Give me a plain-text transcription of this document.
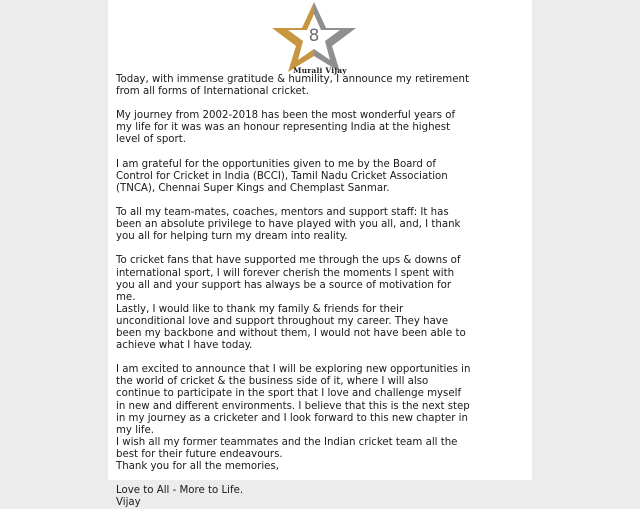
8
Murali Vijay
Today, with immense gratitude & humility, I announce my retirement
from all forms of International cricket.
My journey from 2002-2018 has been the most wonderful years of
my life for it was was an honour representing India at the highest
level of sport.
I am grateful for the opportunities given to me by the Board of
Control for Cricket in India (BCCI), Tamil Nadu Cricket Association
(TNCA), Chennai Super Kings and Chemplast Sanmar.
To all my team-mates, coaches, mentors and support staff: It has
been an absolute privilege to have played with you all, and, I thank
you all for helping turn my dream into reality.
To cricket fans that have supported me through the ups & downs of
international sport, I will forever cherish the moments I spent with
you all and your support has always be a source of motivation for
me.
Lastly, I would like to thank my family & friends for their
unconditional love and support throughout my career. They have
been my backbone and without them, I would not have been able to
achieve what I have today.
I am excited to announce that I will be exploring new opportunities in
the world of cricket & the business side of it, where I will also
continue to participate in the sport that I love and challenge myself
in new and different environments. I believe that this is the next step
in my journey as a cricketer and I look forward to this new chapter in
my life.
I wish all my former teammates and the Indian cricket team all the
best for their future endeavours.
Thank you for all the memories,
Love to All - More to Life.
Vijay
